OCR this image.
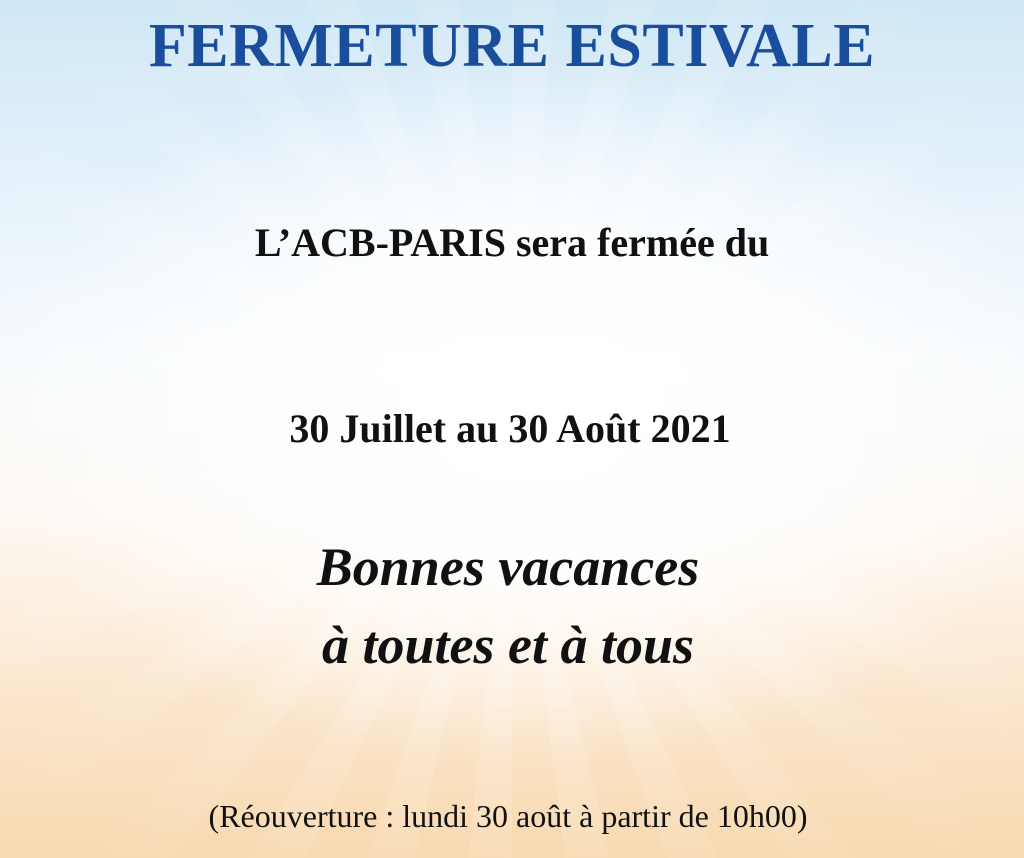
FERMETURE ESTIVALE

L’ACB-PARIS sera fermée du

30 Juillet au 30 Août 2021

Bonnes vacances

à toutes et à tous

(Réouverture : lundi 30 août à partir de 10h00)
